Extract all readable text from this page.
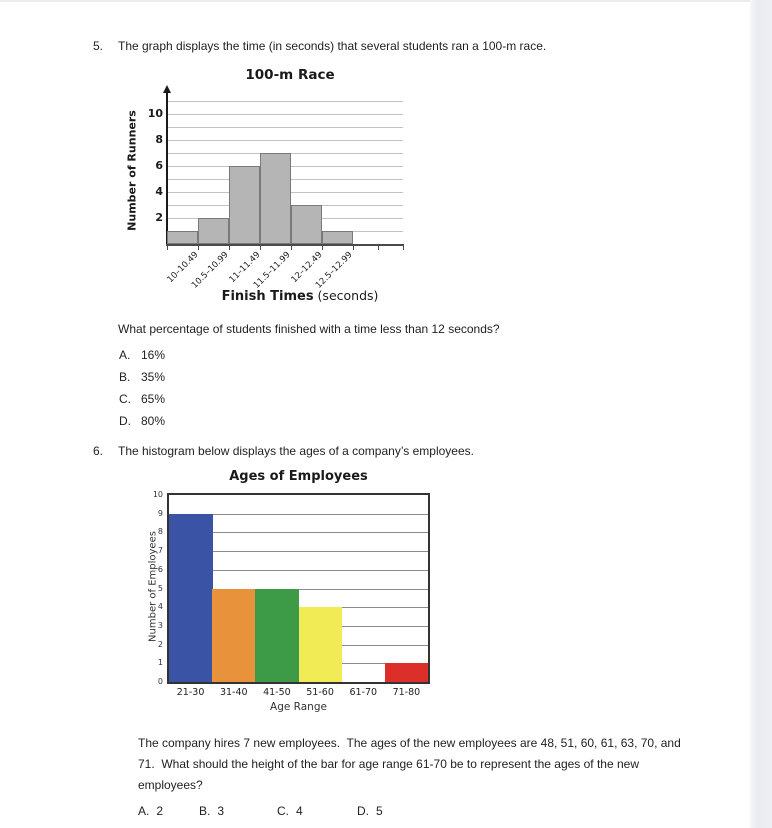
5. The graph displays the time (in seconds) that several students ran a 100-m race.
100-m Race
Number of Runners	2
4
6
8
10
10–10.49
10.5–10.99
11–11.49
11.5–11.99
12–12.49
12.5–12.99
Finish Times (seconds)
What percentage of students finished with a time less than 12 seconds?
A. 16%
B. 35%
C. 65%
D. 80%
6. The histogram below displays the ages of a company’s employees.
Ages of Employees
Number of Employees
0
1
2
3
4
5
6
7
8
9
10
21-30	31-40	41-50	51-60	61-70	71-80
Age Range
The company hires 7 new employees.  The ages of the new employees are 48, 51, 60, 61, 63, 70, and 71.  What should the height of the bar for age range 61-70 be to represent the ages of the new employees?
A. 2	B. 3	C. 4	D. 5
